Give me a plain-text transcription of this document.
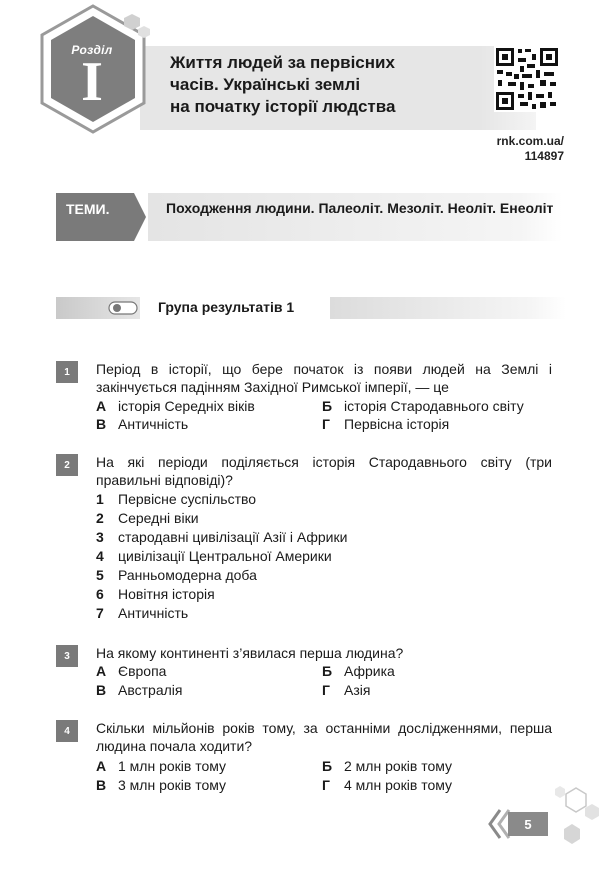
Розділ
I	Життя людей за первісних
часів. Українські землі
на початку історії людства
rnk.com.ua/
114897
ТЕМИ.	Походження людини. Палеоліт. Мезоліт. Неоліт. Енеоліт
Група результатів 1
1	Період в історії, що бере початок із появи людей на Землі і закінчується падінням Західної Римської імперії, — це
А історія Середніх віків	Б історія Стародавнього світу
В Античність	Г Первісна історія
2	На які періоди поділяється історія Стародавнього світу (три правильні відповіді)?
1 Первісне суспільство
2 Середні віки
3 стародавні цивілізації Азії і Африки
4 цивілізації Центральної Америки
5 Ранньомодерна доба
6 Новітня історія
7 Античність
3	На якому континенті з’явилася перша людина?
А Європа	Б Африка
В Австралія	Г Азія
4	Скільки мільйонів років тому, за останніми дослідженнями, перша людина почала ходити?
А 1 млн років тому	Б 2 млн років тому
В 3 млн років тому	Г 4 млн років тому
5
